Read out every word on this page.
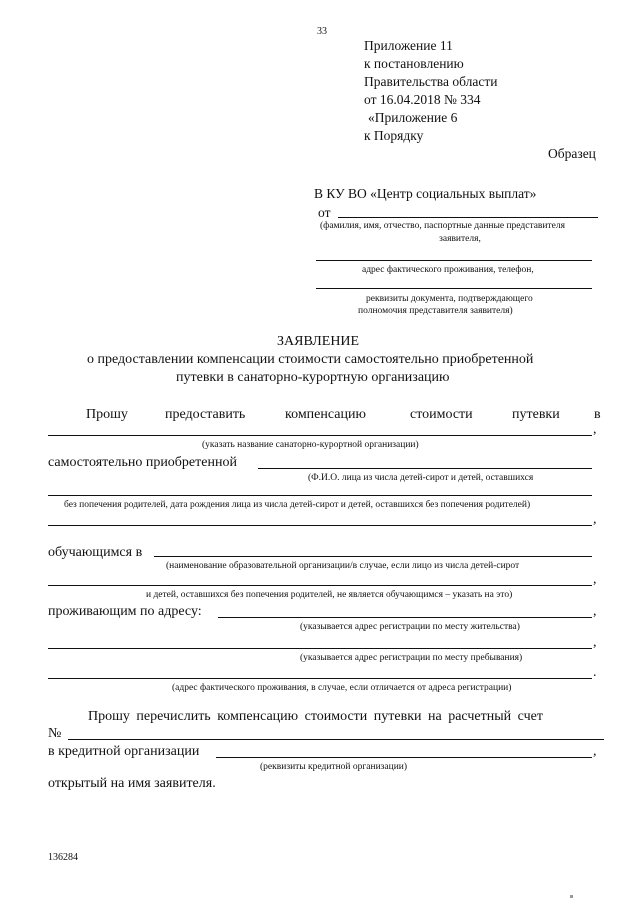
33
Приложение 11
к постановлению
Правительства области
от 16.04.2018 № 334
«Приложение 6
к Порядку
Образец
В КУ ВО «Центр социальных выплат»
от
(фамилия, имя, отчество, паспортные данные представителя
заявителя,
адрес фактического проживания, телефон,
реквизиты документа, подтверждающего
полномочия представителя заявителя)
ЗАЯВЛЕНИЕ
о предоставлении компенсации стоимости самостоятельно приобретенной
путевки в санаторно-курортную организацию
Прошу	предоставить	компенсацию	стоимости	путевки в
,
(указать название санаторно-курортной организации)
самостоятельно приобретенной
(Ф.И.О. лица из числа детей-сирот и детей, оставшихся
без попечения родителей, дата рождения лица из числа детей-сирот и детей, оставшихся без попечения родителей)
,
обучающимся в
(наименование образовательной организации/в случае, если лицо из числа детей-сирот
,
и детей, оставшихся без попечения родителей, не является обучающимся – указать на это)
проживающим по адресу:	,
(указывается адрес регистрации по месту жительства)
,
(указывается адрес регистрации по месту пребывания)
.
(адрес фактического проживания, в случае, если отличается от адреса регистрации)
Прошу перечислить компенсацию стоимости путевки на расчетный счет
№
в кредитной организации	,
(реквизиты кредитной организации)
открытый на имя заявителя.
136284
